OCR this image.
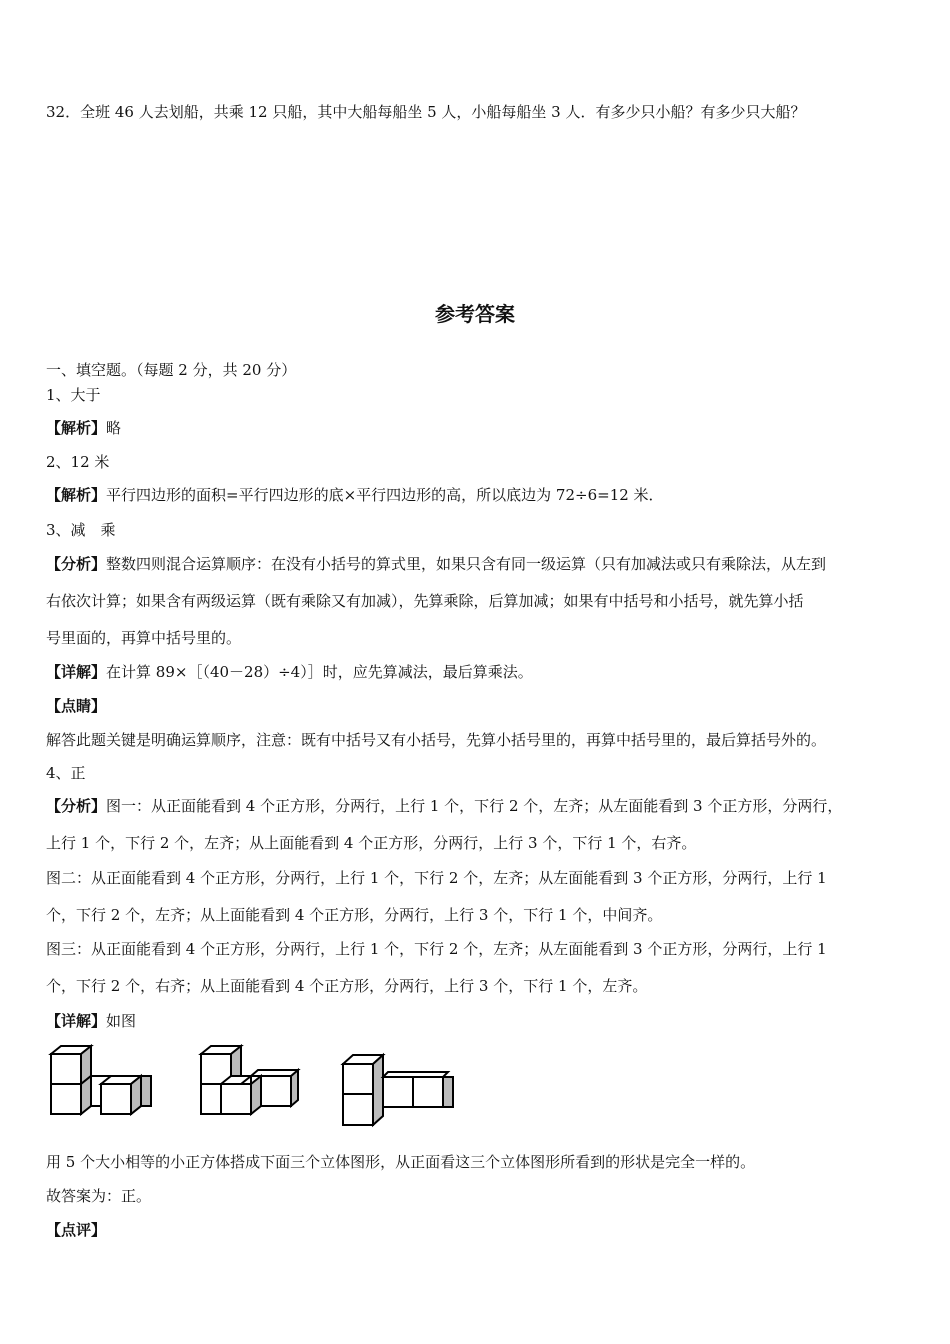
32．全班 46 人去划船，共乘 12 只船，其中大船每船坐 5 人，小船每船坐 3 人．有多少只小船？有多少只大船？
参考答案
一、填空题。（每题 2 分，共 20 分）
1、大于
【解析】略
2、12 米
【解析】平行四边形的面积=平行四边形的底×平行四边形的高，所以底边为 72÷6=12 米．
3、减　乘
【分析】整数四则混合运算顺序：在没有小括号的算式里，如果只含有同一级运算（只有加减法或只有乘除法，从左到
右依次计算；如果含有两级运算（既有乘除又有加减），先算乘除，后算加减；如果有中括号和小括号，就先算小括
号里面的，再算中括号里的。
【详解】在计算 89×［（40－28）÷4）］时，应先算减法，最后算乘法。
【点睛】
解答此题关键是明确运算顺序，注意：既有中括号又有小括号，先算小括号里的，再算中括号里的，最后算括号外的。
4、正
【分析】图一：从正面能看到 4 个正方形，分两行，上行 1 个，下行 2 个，左齐；从左面能看到 3 个正方形，分两行，
上行 1 个，下行 2 个，左齐；从上面能看到 4 个正方形，分两行，上行 3 个，下行 1 个，右齐。
图二：从正面能看到 4 个正方形，分两行，上行 1 个，下行 2 个，左齐；从左面能看到 3 个正方形，分两行，上行 1
个，下行 2 个，左齐；从上面能看到 4 个正方形，分两行，上行 3 个，下行 1 个，中间齐。
图三：从正面能看到 4 个正方形，分两行，上行 1 个，下行 2 个，左齐；从左面能看到 3 个正方形，分两行，上行 1
个，下行 2 个，右齐；从上面能看到 4 个正方形，分两行，上行 3 个，下行 1 个，左齐。
【详解】如图
用 5 个大小相等的小正方体搭成下面三个立体图形，从正面看这三个立体图形所看到的形状是完全一样的。
故答案为：正。
【点评】
